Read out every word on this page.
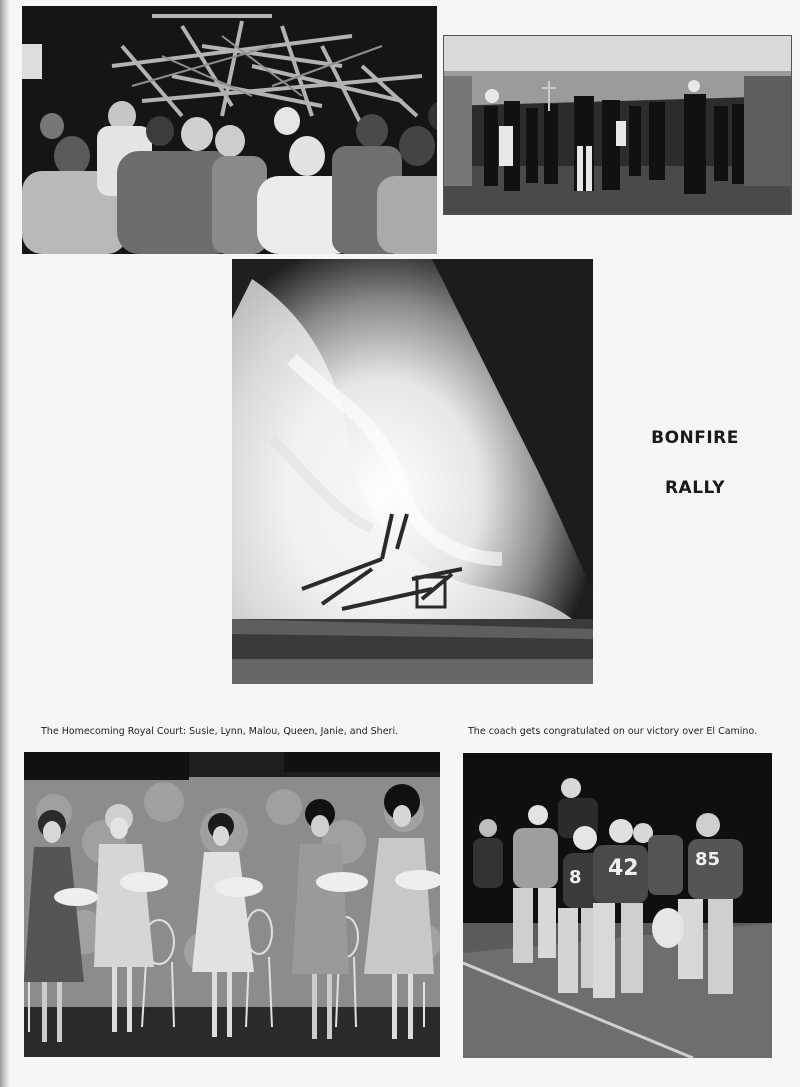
BONFIRE
RALLY
The Homecoming Royal Court: Susie, Lynn, Malou, Queen, Janie, and Sheri.	The coach gets congratulated on our victory over El Camino.
42	85
8
